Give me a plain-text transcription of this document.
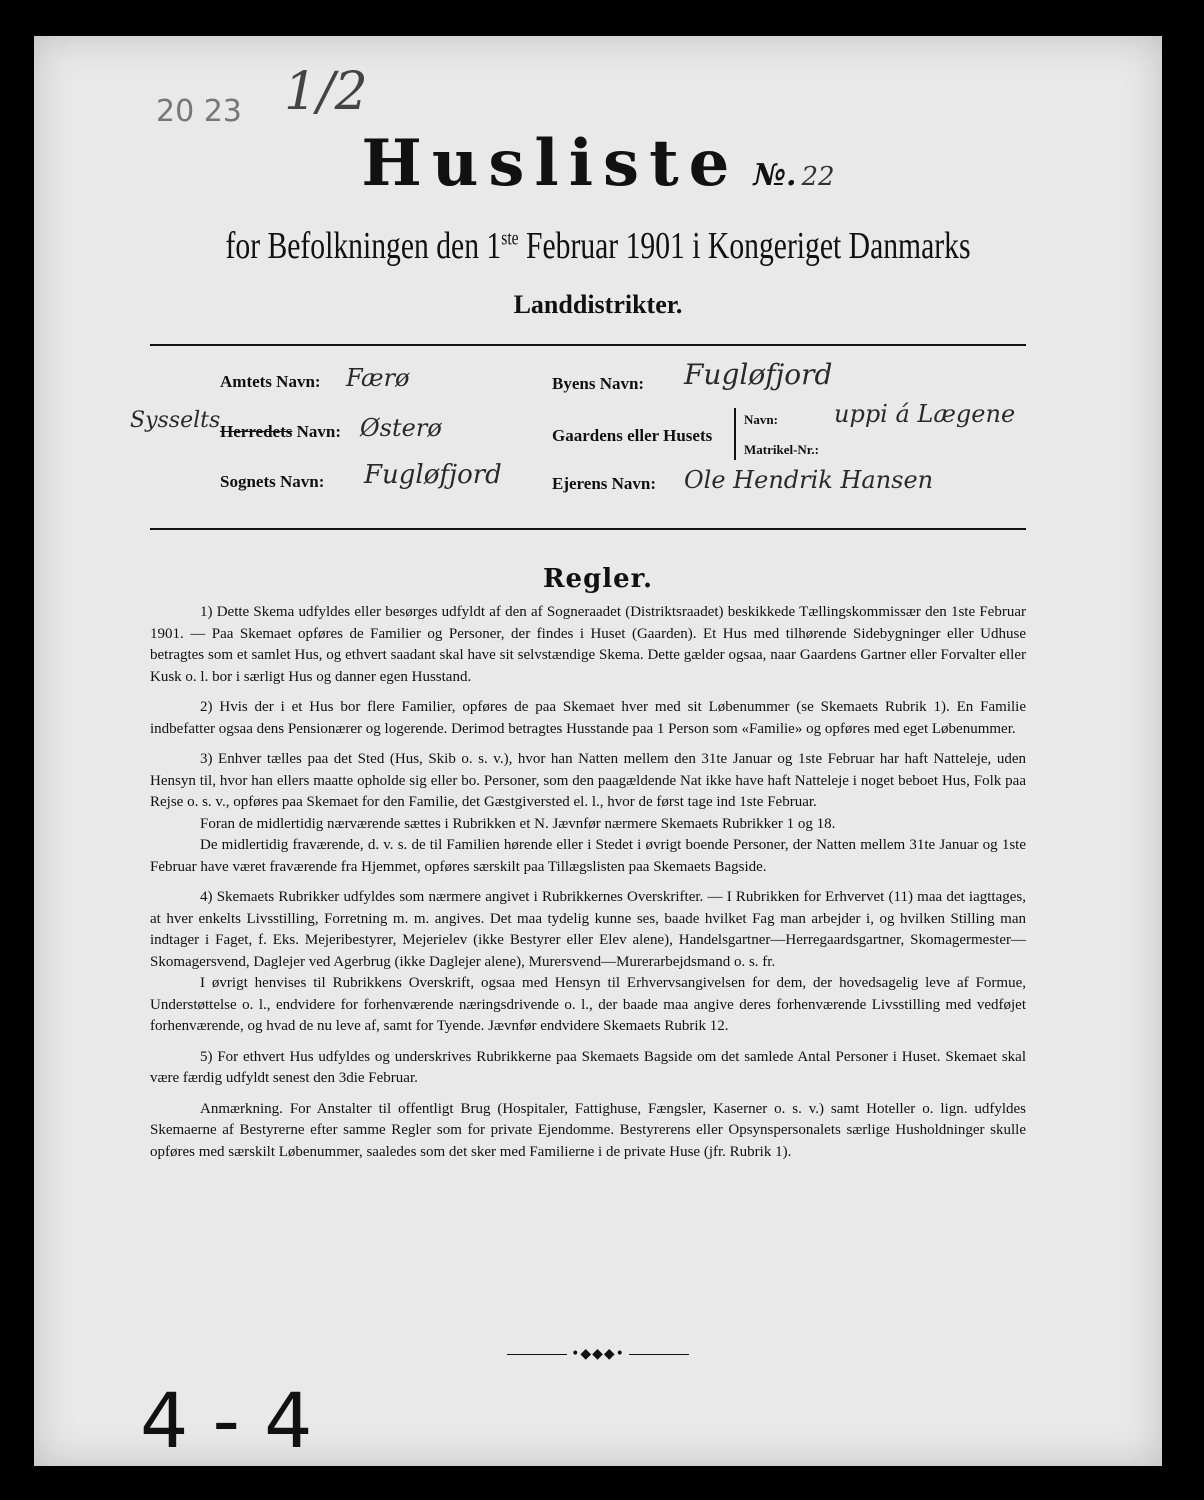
20 23 1/2
Husliste №. 22
for Befolkningen den 1ste Februar 1901 i Kongeriget Danmarks
Landdistrikter.
Sysselts
Amtets Navn: Færø
Herredets Navn: Østerø
Sognets Navn: Fugløfjord
Byens Navn: Fugløfjord
Gaardens eller Husets
Navn: uppi á Lægene
Matrikel-Nr.:
Ejerens Navn: Ole Hendrik Hansen
Regler.

1) Dette Skema udfyldes eller besørges udfyldt af den af Sogneraadet (Distriktsraadet) beskikkede Tællingskommissær den 1ste Februar 1901. — Paa Skemaet opføres de Familier og Personer, der findes i Huset (Gaarden). Et Hus med tilhørende Sidebygninger eller Udhuse betragtes som et samlet Hus, og ethvert saadant skal have sit selvstændige Skema. Dette gælder ogsaa, naar Gaardens Gartner eller Forvalter eller Kusk o. l. bor i særligt Hus og danner egen Husstand.

2) Hvis der i et Hus bor flere Familier, opføres de paa Skemaet hver med sit Løbenummer (se Skemaets Rubrik 1). En Familie indbefatter ogsaa dens Pensionærer og logerende. Derimod betragtes Husstande paa 1 Person som «Familie» og opføres med eget Løbenummer.

3) Enhver tælles paa det Sted (Hus, Skib o. s. v.), hvor han Natten mellem den 31te Januar og 1ste Februar har haft Natteleje, uden Hensyn til, hvor han ellers maatte opholde sig eller bo. Personer, som den paagældende Nat ikke have haft Natteleje i noget beboet Hus, Folk paa Rejse o. s. v., opføres paa Skemaet for den Familie, det Gæstgiversted el. l., hvor de først tage ind 1ste Februar.

Foran de midlertidig nærværende sættes i Rubrikken et N. Jævnfør nærmere Skemaets Rubrikker 1 og 18.

De midlertidig fraværende, d. v. s. de til Familien hørende eller i Stedet i øvrigt boende Personer, der Natten mellem 31te Januar og 1ste Februar have været fraværende fra Hjemmet, opføres særskilt paa Tillægslisten paa Skemaets Bagside.

4) Skemaets Rubrikker udfyldes som nærmere angivet i Rubrikkernes Overskrifter. — I Rubrikken for Erhvervet (11) maa det iagttages, at hver enkelts Livsstilling, Forretning m. m. angives. Det maa tydelig kunne ses, baade hvilket Fag man arbejder i, og hvilken Stilling man indtager i Faget, f. Eks. Mejeribestyrer, Mejerielev (ikke Bestyrer eller Elev alene), Handelsgartner—Herregaardsgartner, Skomagermester—Skomagersvend, Daglejer ved Agerbrug (ikke Daglejer alene), Murersvend—Murerarbejdsmand o. s. fr.

I øvrigt henvises til Rubrikkens Overskrift, ogsaa med Hensyn til Erhvervsangivelsen for dem, der hovedsagelig leve af Formue, Understøttelse o. l., endvidere for forhenværende næringsdrivende o. l., der baade maa angive deres forhenværende Livsstilling med vedføjet forhenværende, og hvad de nu leve af, samt for Tyende. Jævnfør endvidere Skemaets Rubrik 12.

5) For ethvert Hus udfyldes og underskrives Rubrikkerne paa Skemaets Bagside om det samlede Antal Personer i Huset. Skemaet skal være færdig udfyldt senest den 3die Februar.

Anmærkning. For Anstalter til offentligt Brug (Hospitaler, Fattighuse, Fængsler, Kaserner o. s. v.) samt Hoteller o. lign. udfyldes Skemaerne af Bestyrerne efter samme Regler som for private Ejendomme. Bestyrerens eller Opsynspersonalets særlige Husholdninger skulle opføres med særskilt Løbenummer, saaledes som det sker med Familierne i de private Huse (jfr. Rubrik 1).

•◆◆◆•
4 - 4
